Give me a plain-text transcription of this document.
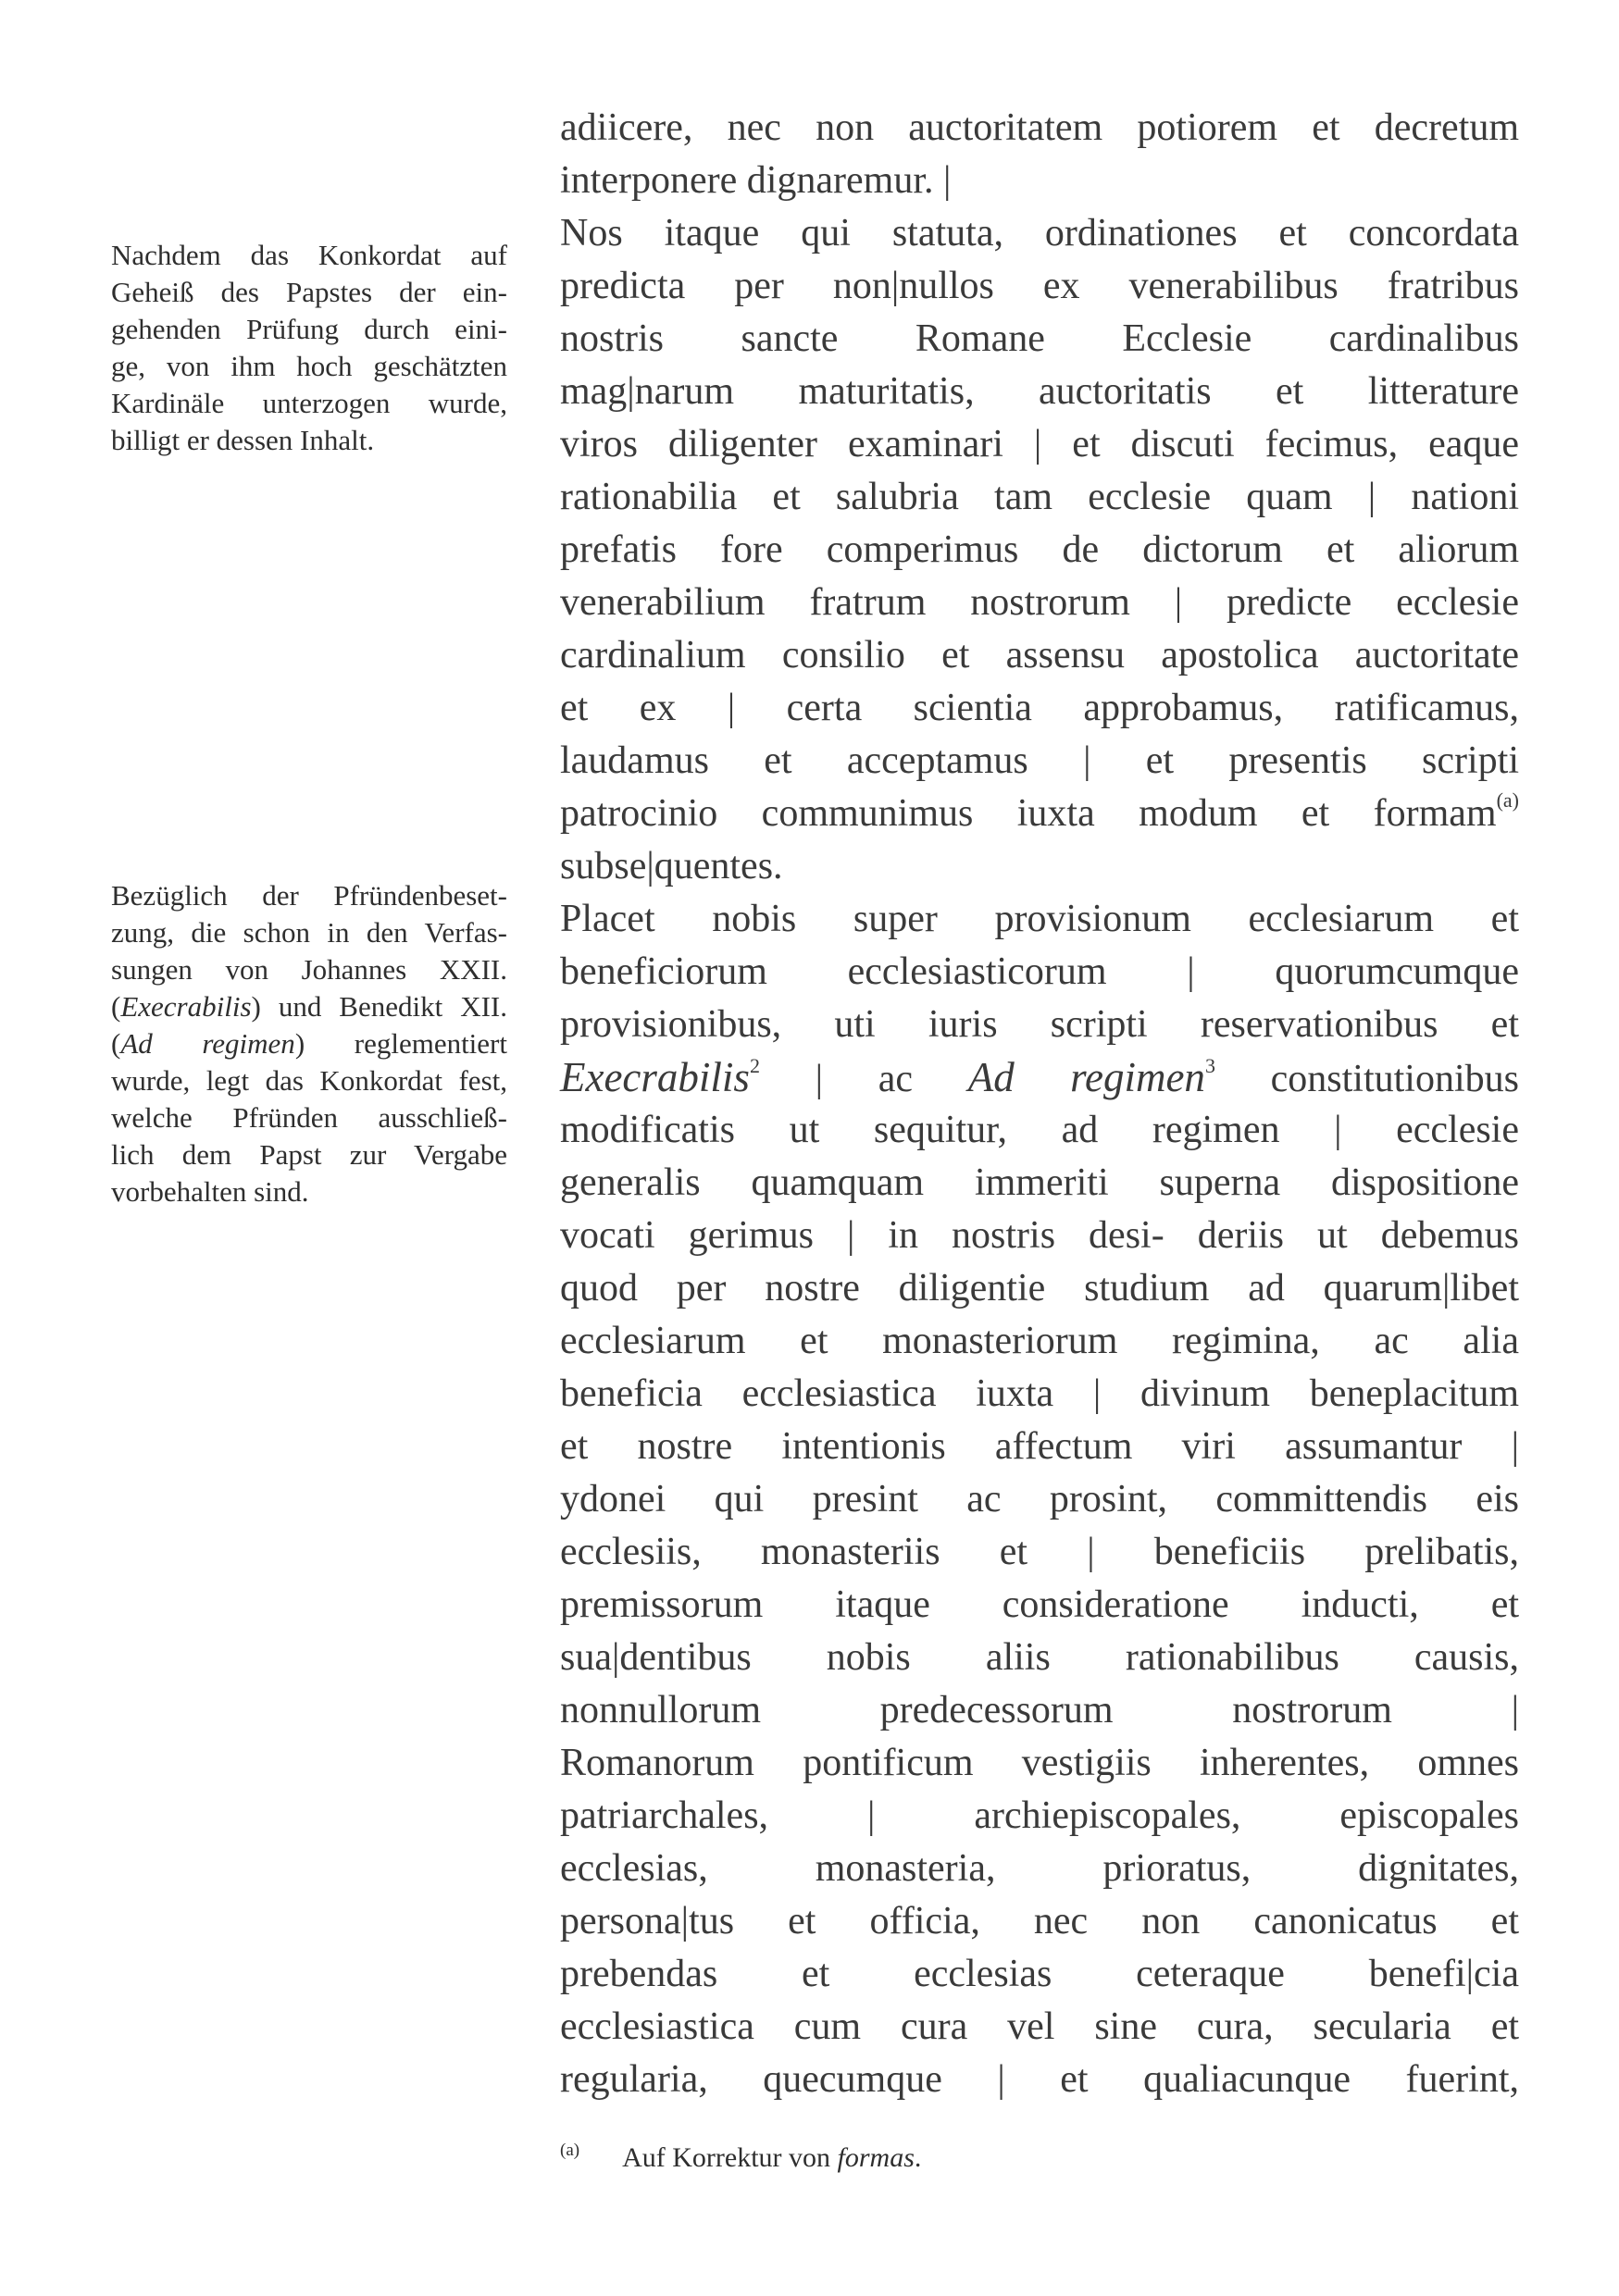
Nachdem das Konkordat auf
Geheiß des Papstes der ein-
gehenden Prüfung durch eini-
ge, von ihm hoch geschätzten
Kardinäle unterzogen wurde,
billigt er dessen Inhalt.
Bezüglich der Pfründenbeset-
zung, die schon in den Verfas-
sungen von Johannes XXII.
(Execrabilis) und Benedikt XII.
(Ad regimen) reglementiert
wurde, legt das Konkordat fest,
welche Pfründen ausschließ-
lich dem Papst zur Vergabe
vorbehalten sind.
adiicere, nec non auctoritatem potiorem et decretum
interponere dignaremur. |
Nos itaque qui statuta, ordinationes et concordata
predicta per non|nullos ex venerabilibus fratribus
nostris sancte Romane Ecclesie cardinalibus
mag|narum maturitatis, auctoritatis et litterature
viros diligenter examinari | et discuti fecimus, eaque
rationabilia et salubria tam ecclesie quam | nationi
prefatis fore comperimus de dictorum et aliorum
venerabilium fratrum nostrorum | predicte ecclesie
cardinalium consilio et assensu apostolica auctoritate
et ex | certa scientia approbamus, ratificamus,
laudamus et acceptamus | et presentis scripti
patrocinio communimus iuxta modum et formam$^{(a)}$
subse|quentes.
Placet nobis super provisionum ecclesiarum et
beneficiorum ecclesiasticorum | quorumcumque
provisionibus, uti iuris scripti reservationibus et
Execrabilis$^2$ | ac Ad regimen$^3$ constitutionibus
modificatis ut sequitur, ad regimen | ecclesie
generalis quamquam immeriti superna dispositione
vocati gerimus | in nostris desi- deriis ut debemus
quod per nostre diligentie studium ad quarum|libet
ecclesiarum et monasteriorum regimina, ac alia
beneficia ecclesiastica iuxta | divinum beneplacitum
et nostre intentionis affectum viri assumantur |
ydonei qui presint ac prosint, committendis eis
ecclesiis, monasteriis et | beneficiis prelibatis,
premissorum itaque consideratione inducti, et
sua|dentibus nobis aliis rationabilibus causis,
nonnullorum predecessorum nostrorum |
Romanorum pontificum vestigiis inherentes, omnes
patriarchales, | archiepiscopales, episcopales
ecclesias, monasteria, prioratus, dignitates,
persona|tus et officia, nec non canonicatus et
prebendas et ecclesias ceteraque benefi|cia
ecclesiastica cum cura vel sine cura, secularia et
regularia, quecumque | et qualiacunque fuerint,
$^{(a)}$ Auf Korrektur von formas.
